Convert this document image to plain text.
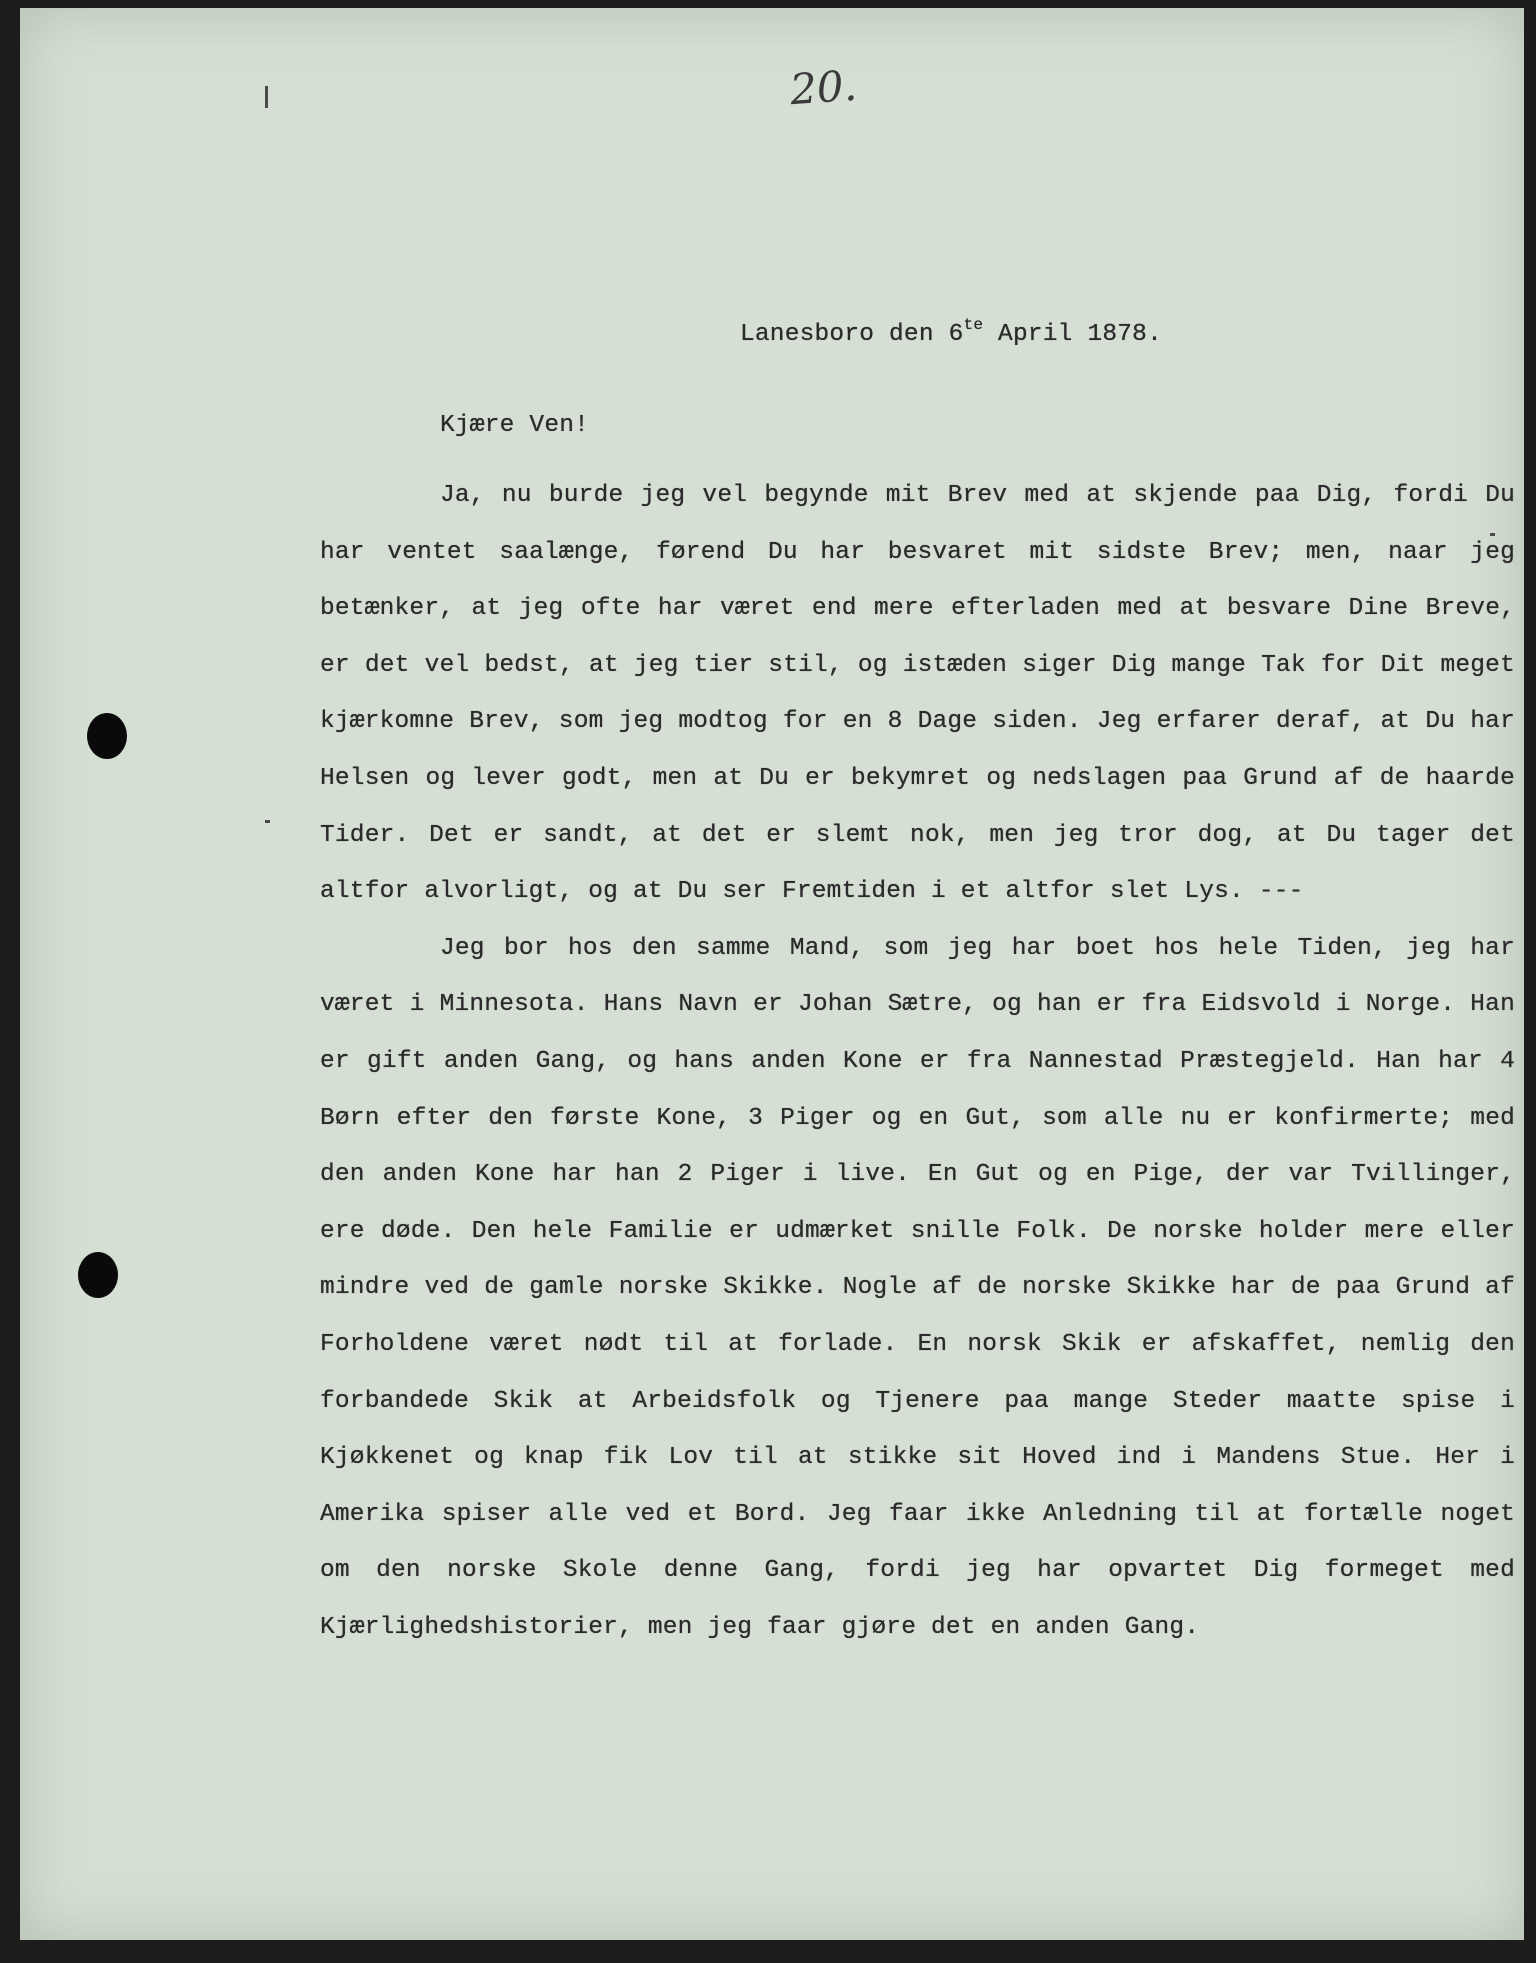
20.

Lanesboro den $6^{te}$ April 1878.

Kjære Ven!

Ja, nu burde jeg vel begynde mit Brev med at skjende paa Dig, fordi Du har ventet saalænge, førend Du har besvaret mit sidste Brev; men, naar jeg betænker, at jeg ofte har været end mere efterladen med at besvare Dine Breve, er det vel bedst, at jeg tier stil, og istæden siger Dig mange Tak for Dit meget kjærkomne Brev, som jeg modtog for en 8 Dage siden. Jeg erfarer deraf, at Du har Helsen og lever godt, men at Du er bekymret og nedslagen paa Grund af de haarde Tider. Det er sandt, at det er slemt nok, men jeg tror dog, at Du tager det altfor alvorligt, og at Du ser Fremtiden i et altfor slet Lys. ---

Jeg bor hos den samme Mand, som jeg har boet hos hele Tiden, jeg har været i Minnesota. Hans Navn er Johan Sætre, og han er fra Eidsvold i Norge. Han er gift anden Gang, og hans anden Kone er fra Nannestad Præstegjeld. Han har 4 Børn efter den første Kone, 3 Piger og en Gut, som alle nu er konfirmerte; med den anden Kone har han 2 Piger i live. En Gut og en Pige, der var Tvillinger, ere døde. Den hele Familie er udmærket snille Folk. De norske holder mere eller mindre ved de gamle norske Skikke. Nogle af de norske Skikke har de paa Grund af Forholdene været nødt til at forlade. En norsk Skik er afskaffet, nemlig den forbandede Skik at Arbeidsfolk og Tjenere paa mange Steder maatte spise i Kjøkkenet og knap fik Lov til at stikke sit Hoved ind i Mandens Stue. Her i Amerika spiser alle ved et Bord. Jeg faar ikke Anledning til at fortælle noget om den norske Skole denne Gang, fordi jeg har opvartet Dig formeget med Kjærlighedshistorier, men jeg faar gjøre det en anden Gang.
